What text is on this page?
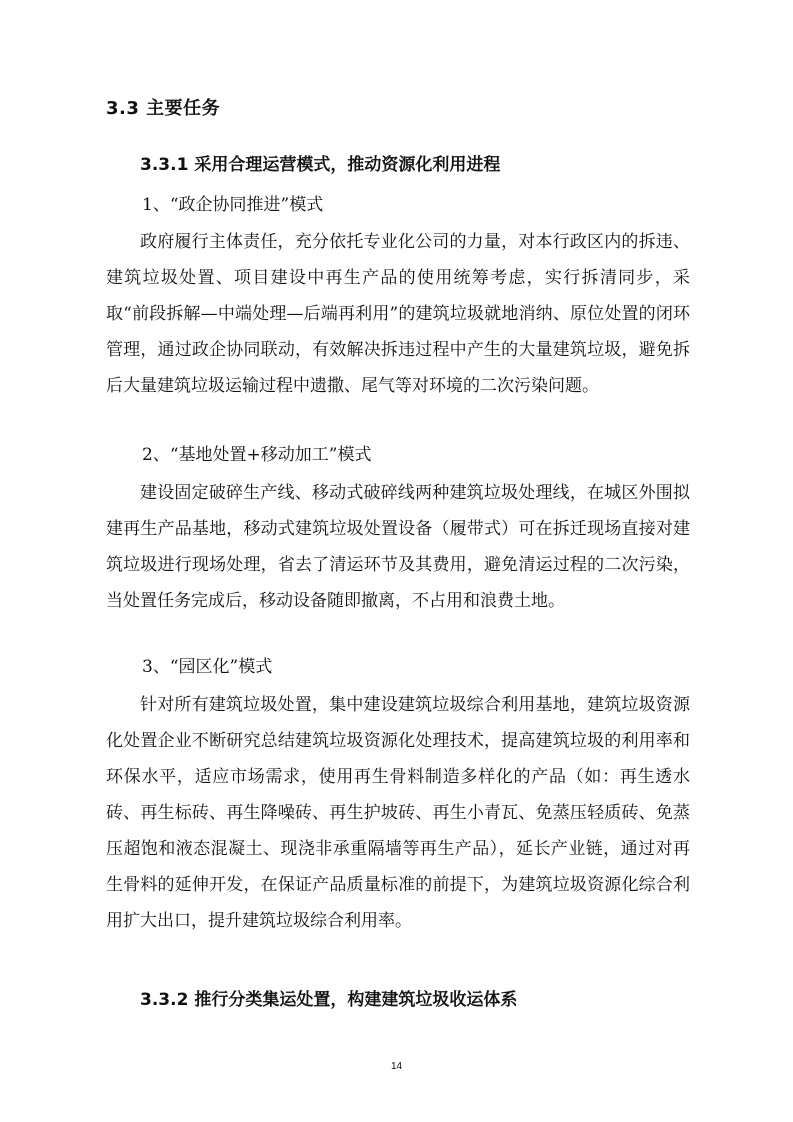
3.3 主要任务
3.3.1 采用合理运营模式，推动资源化利用进程
1、“政企协同推进”模式

政府履行主体责任，充分依托专业化公司的力量，对本行政区内的拆违、建筑垃圾处置、项目建设中再生产品的使用统筹考虑，实行拆清同步，采取“前段拆解—中端处理—后端再利用”的建筑垃圾就地消纳、原位处置的闭环管理，通过政企协同联动，有效解决拆违过程中产生的大量建筑垃圾，避免拆后大量建筑垃圾运输过程中遗撒、尾气等对环境的二次污染问题。

2、“基地处置+移动加工”模式

建设固定破碎生产线、移动式破碎线两种建筑垃圾处理线，在城区外围拟建再生产品基地，移动式建筑垃圾处置设备（履带式）可在拆迁现场直接对建筑垃圾进行现场处理，省去了清运环节及其费用，避免清运过程的二次污染，当处置任务完成后，移动设备随即撤离，不占用和浪费土地。

3、“园区化”模式

针对所有建筑垃圾处置，集中建设建筑垃圾综合利用基地，建筑垃圾资源化处置企业不断研究总结建筑垃圾资源化处理技术，提高建筑垃圾的利用率和环保水平，适应市场需求，使用再生骨料制造多样化的产品（如：再生透水砖、再生标砖、再生降噪砖、再生护坡砖、再生小青瓦、免蒸压轻质砖、免蒸压超饱和液态混凝土、现浇非承重隔墙等再生产品），延长产业链，通过对再生骨料的延伸开发，在保证产品质量标准的前提下，为建筑垃圾资源化综合利用扩大出口，提升建筑垃圾综合利用率。

3.3.2 推行分类集运处置，构建建筑垃圾收运体系
14
